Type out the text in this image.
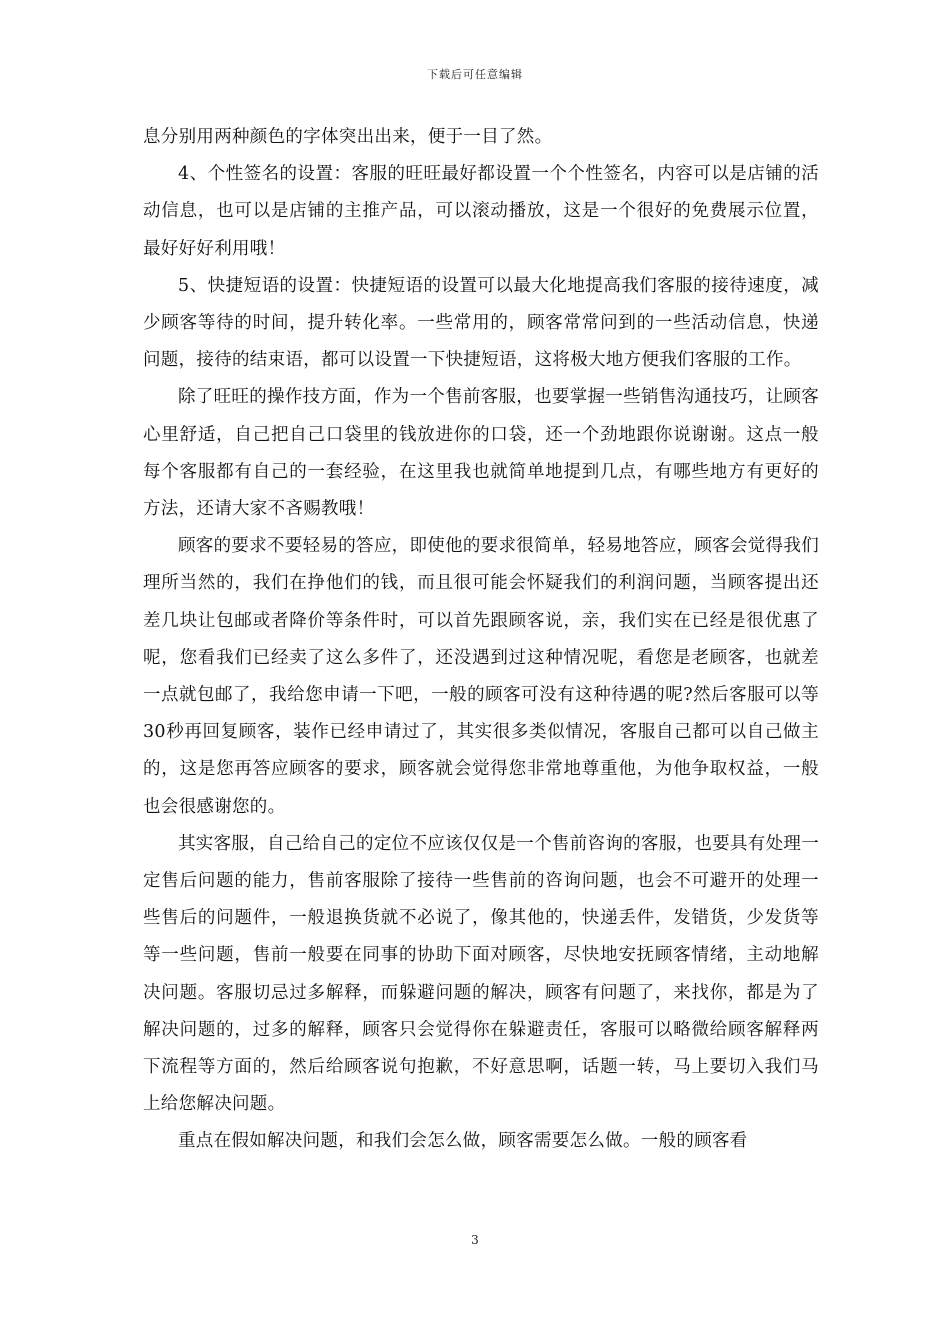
下载后可任意编辑

息分别用两种颜色的字体突出出来，便于一目了然。

4、个性签名的设置：客服的旺旺最好都设置一个个性签名，内容可以是店铺的活动信息，也可以是店铺的主推产品，可以滚动播放，这是一个很好的免费展示位置，最好好好利用哦！

5、快捷短语的设置：快捷短语的设置可以最大化地提高我们客服的接待速度，减少顾客等待的时间，提升转化率。一些常用的，顾客常常问到的一些活动信息，快递问题，接待的结束语，都可以设置一下快捷短语，这将极大地方便我们客服的工作。

除了旺旺的操作技方面，作为一个售前客服，也要掌握一些销售沟通技巧，让顾客心里舒适，自己把自己口袋里的钱放进你的口袋，还一个劲地跟你说谢谢。这点一般每个客服都有自己的一套经验，在这里我也就简单地提到几点，有哪些地方有更好的方法，还请大家不吝赐教哦！

顾客的要求不要轻易的答应，即使他的要求很简单，轻易地答应，顾客会觉得我们理所当然的，我们在挣他们的钱，而且很可能会怀疑我们的利润问题，当顾客提出还差几块让包邮或者降价等条件时，可以首先跟顾客说，亲，我们实在已经是很优惠了呢，您看我们已经卖了这么多件了，还没遇到过这种情况呢，看您是老顾客，也就差一点就包邮了，我给您申请一下吧，一般的顾客可没有这种待遇的呢?然后客服可以等30秒再回复顾客，装作已经申请过了，其实很多类似情况，客服自己都可以自己做主的，这是您再答应顾客的要求，顾客就会觉得您非常地尊重他，为他争取权益，一般也会很感谢您的。

其实客服，自己给自己的定位不应该仅仅是一个售前咨询的客服，也要具有处理一定售后问题的能力，售前客服除了接待一些售前的咨询问题，也会不可避开的处理一些售后的问题件，一般退换货就不必说了，像其他的，快递丢件，发错货，少发货等等一些问题，售前一般要在同事的协助下面对顾客，尽快地安抚顾客情绪，主动地解决问题。客服切忌过多解释，而躲避问题的解决，顾客有问题了，来找你，都是为了解决问题的，过多的解释，顾客只会觉得你在躲避责任，客服可以略微给顾客解释两下流程等方面的，然后给顾客说句抱歉，不好意思啊，话题一转，马上要切入我们马上给您解决问题。

重点在假如解决问题，和我们会怎么做，顾客需要怎么做。一般的顾客看

3
